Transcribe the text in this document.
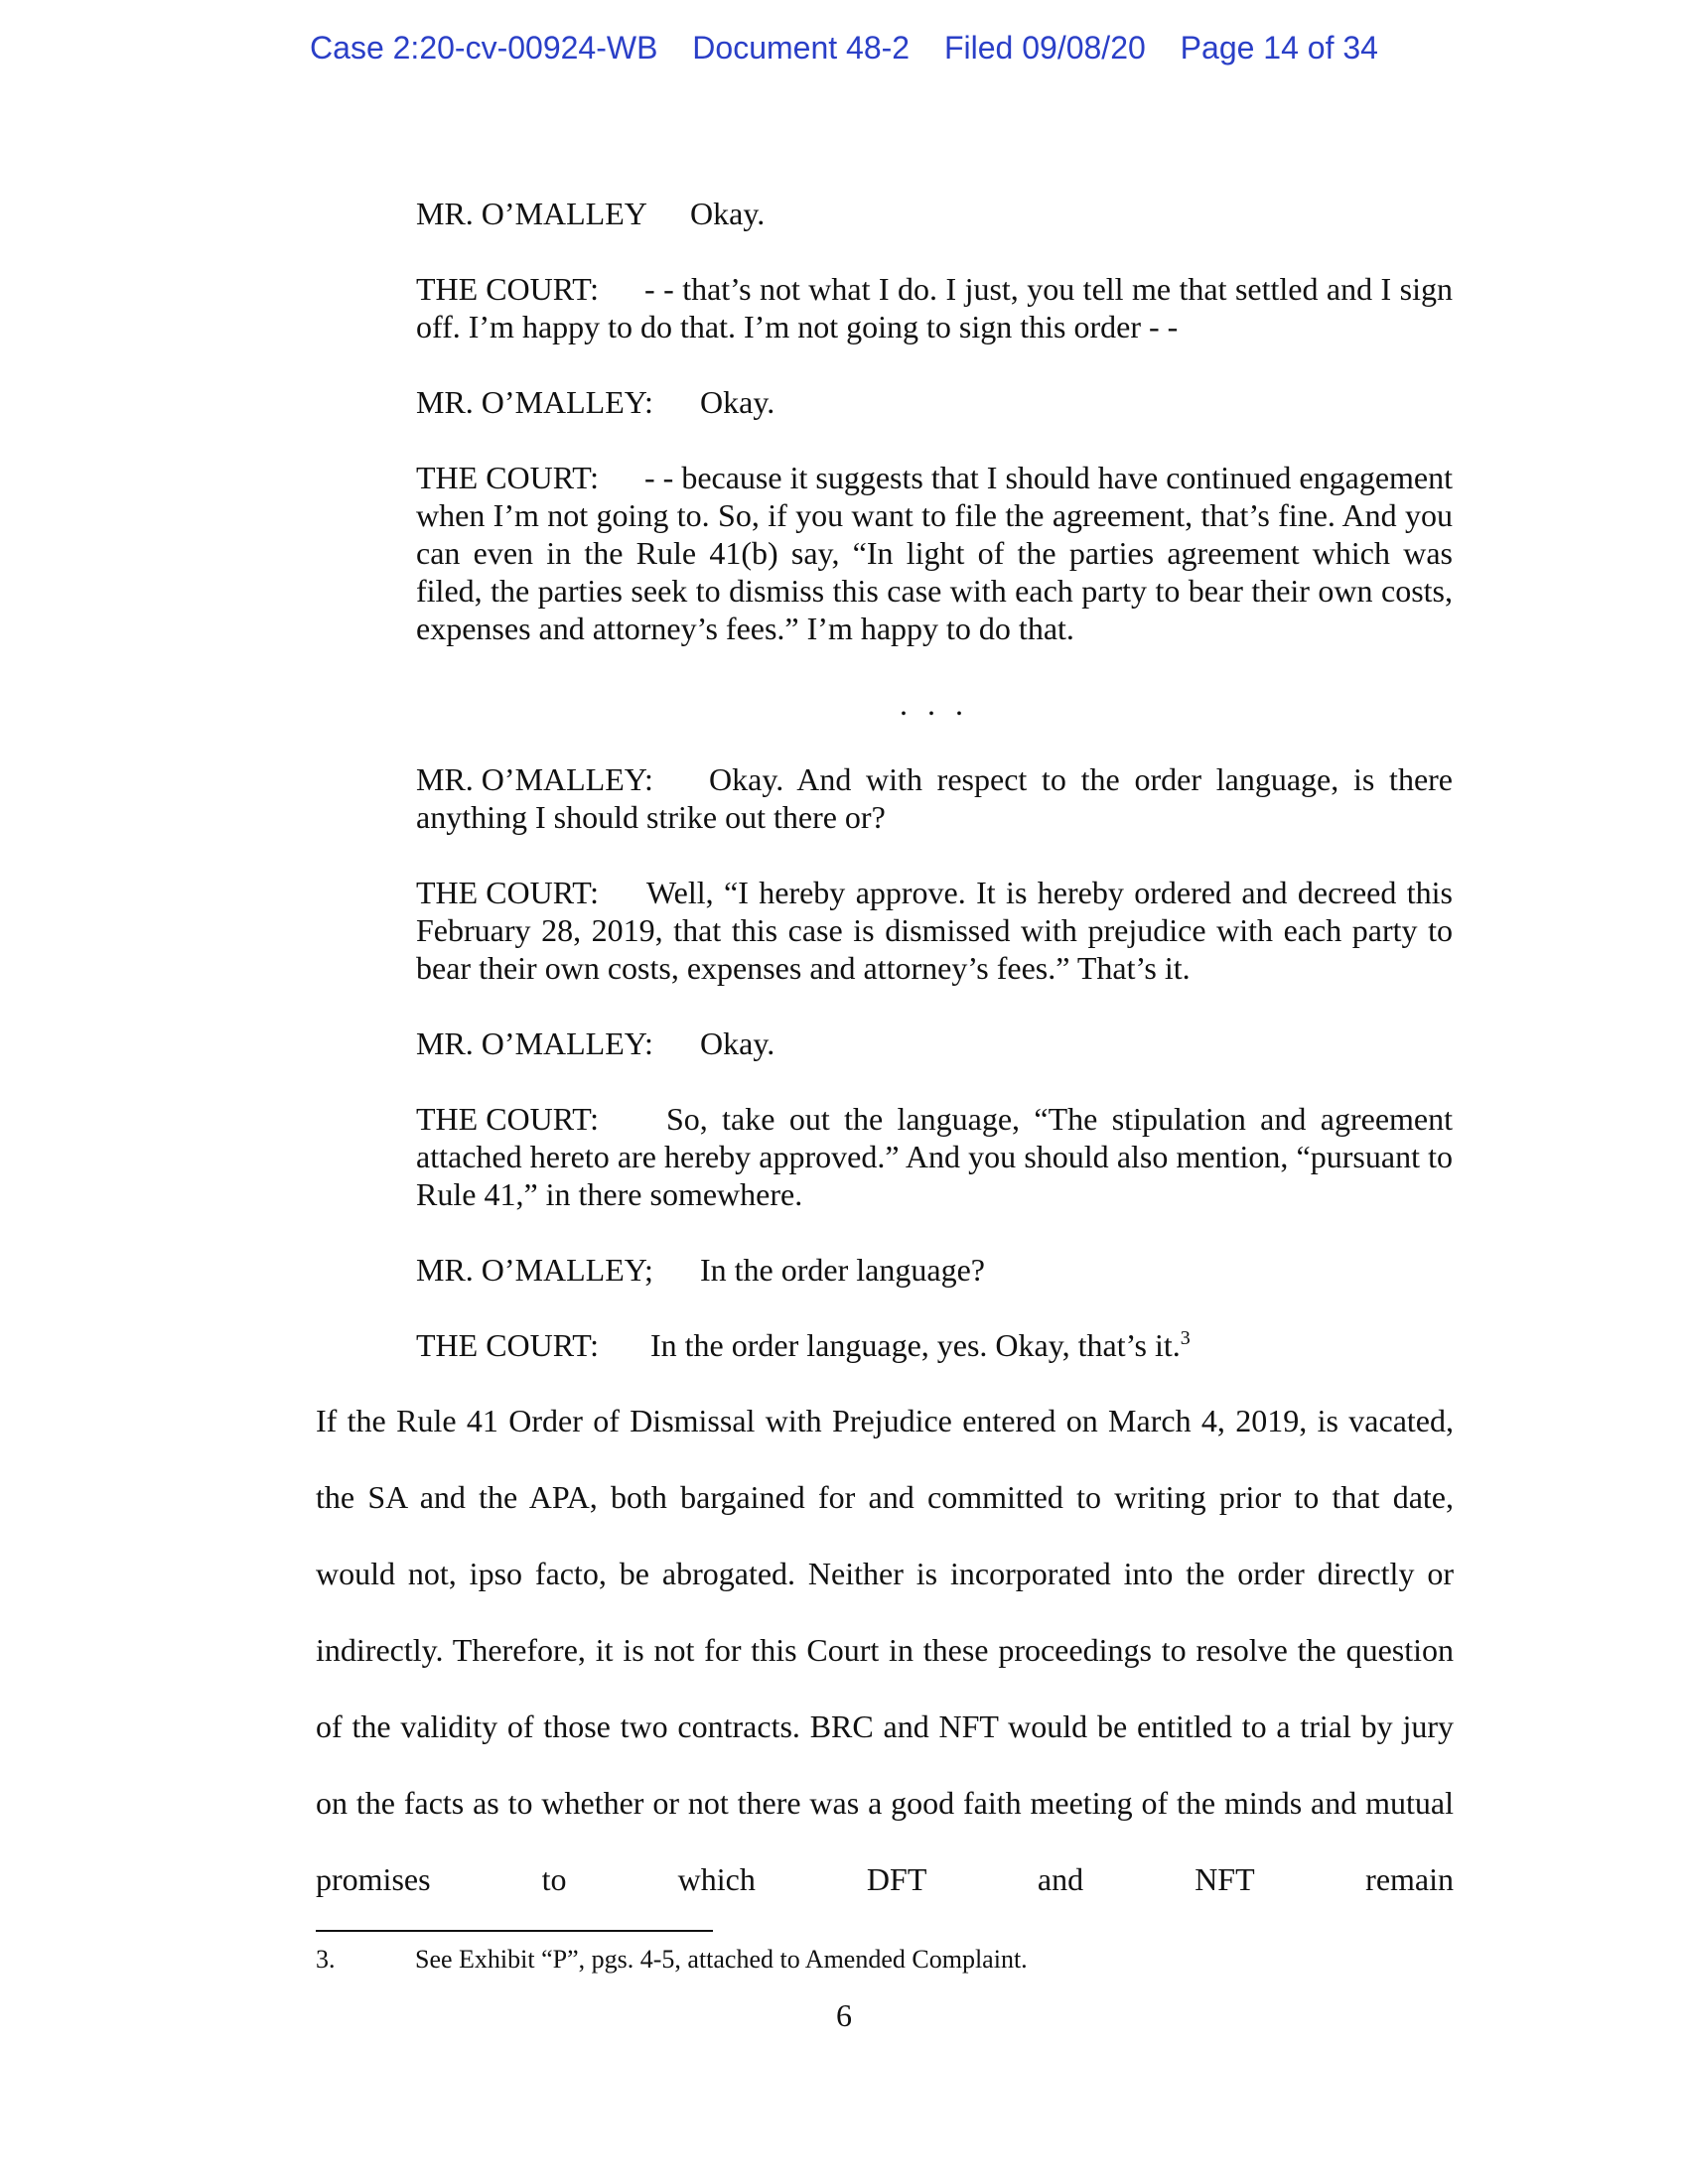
Case 2:20-cv-00924-WB Document 48-2 Filed 09/08/20 Page 14 of 34

MR. O’MALLEY Okay.

THE COURT: - - that’s not what I do. I just, you tell me that settled and I sign off. I’m happy to do that. I’m not going to sign this order - -

MR. O’MALLEY: Okay.

THE COURT: - - because it suggests that I should have continued engagement when I’m not going to. So, if you want to file the agreement, that’s fine. And you can even in the Rule 41(b) say, “In light of the parties agreement which was filed, the parties seek to dismiss this case with each party to bear their own costs, expenses and attorney’s fees.” I’m happy to do that.

. . .

MR. O’MALLEY: Okay. And with respect to the order language, is there anything I should strike out there or?

THE COURT: Well, “I hereby approve. It is hereby ordered and decreed this February 28, 2019, that this case is dismissed with prejudice with each party to bear their own costs, expenses and attorney’s fees.” That’s it.

MR. O’MALLEY: Okay.

THE COURT: So, take out the language, “The stipulation and agreement attached hereto are hereby approved.” And you should also mention, “pursuant to Rule 41,” in there somewhere.

MR. O’MALLEY; In the order language?

THE COURT: In the order language, yes. Okay, that’s it.$^3$

If the Rule 41 Order of Dismissal with Prejudice entered on March 4, 2019, is vacated, the SA and the APA, both bargained for and committed to writing prior to that date, would not, ipso facto, be abrogated. Neither is incorporated into the order directly or indirectly. Therefore, it is not for this Court in these proceedings to resolve the question of the validity of those two contracts. BRC and NFT would be entitled to a trial by jury on the facts as to whether or not there was a good faith meeting of the minds and mutual promises to which DFT and NFT remain

3.	See Exhibit “P”, pgs. 4-5, attached to Amended Complaint.
6
